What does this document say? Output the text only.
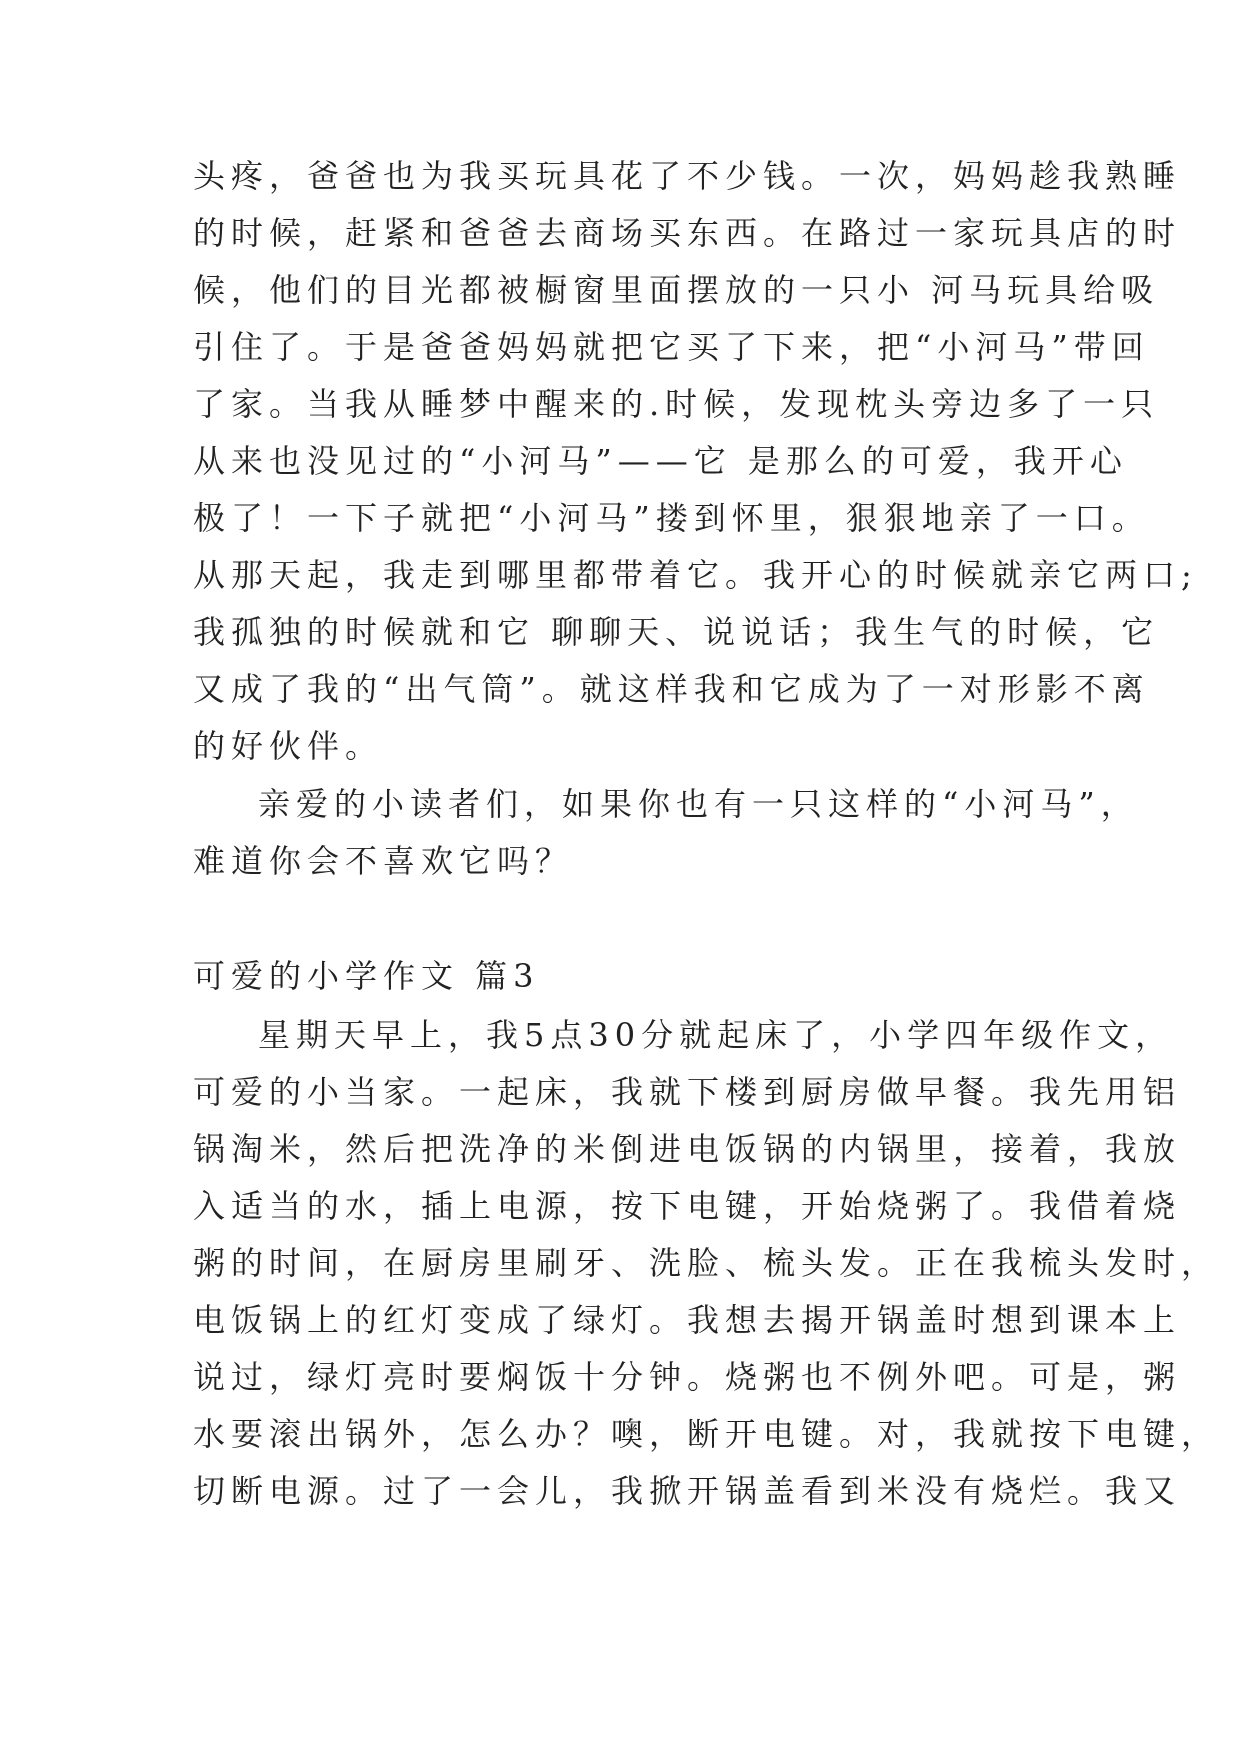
头疼，爸爸也为我买玩具花了不少钱。一次，妈妈趁我熟睡
的时候，赶紧和爸爸去商场买东西。在路过一家玩具店的时
候，他们的目光都被橱窗里面摆放的一只小 河马玩具给吸
引住了。于是爸爸妈妈就把它买了下来，把“小河马”带回
了家。当我从睡梦中醒来的.时候，发现枕头旁边多了一只
从来也没见过的“小河马”——它 是那么的可爱，我开心
极了！一下子就把“小河马”搂到怀里，狠狠地亲了一口。
从那天起，我走到哪里都带着它。我开心的时候就亲它两口;
我孤独的时候就和它 聊聊天、说说话；我生气的时候，它
又成了我的“出气筒”。就这样我和它成为了一对形影不离
的好伙伴。
亲爱的小读者们，如果你也有一只这样的“小河马”，
难道你会不喜欢它吗？
可爱的小学作文 篇3
星期天早上，我5点30分就起床了，小学四年级作文，
可爱的小当家。一起床，我就下楼到厨房做早餐。我先用铝
锅淘米，然后把洗净的米倒进电饭锅的内锅里，接着，我放
入适当的水，插上电源，按下电键，开始烧粥了。我借着烧
粥的时间，在厨房里刷牙、洗脸、梳头发。正在我梳头发时，
电饭锅上的红灯变成了绿灯。我想去揭开锅盖时想到课本上
说过，绿灯亮时要焖饭十分钟。烧粥也不例外吧。可是，粥
水要滚出锅外，怎么办？噢，断开电键。对，我就按下电键，
切断电源。过了一会儿，我掀开锅盖看到米没有烧烂。我又
